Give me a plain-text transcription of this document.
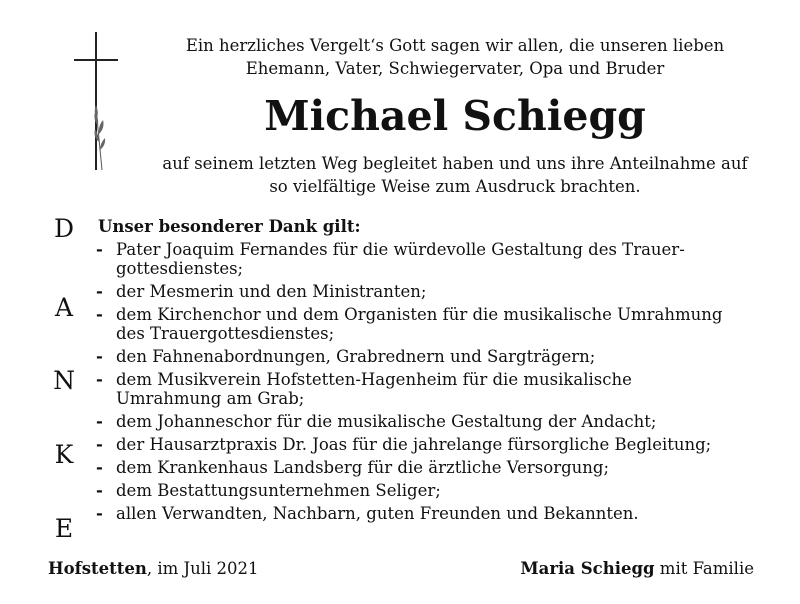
Ein herzliches Vergelt‘s Gott sagen wir allen, die unseren lieben
Ehemann, Vater, Schwiegervater, Opa und Bruder
Michael Schiegg
auf seinem letzten Weg begleitet haben und uns ihre Anteilnahme auf
so vielfältige Weise zum Ausdruck brachten.
D
A
N
K
E
Unser besonderer Dank gilt:
- Pater Joaquim Fernandes für die würdevolle Gestaltung des Trauer-
gottesdienstes;
- der Mesmerin und den Ministranten;
- dem Kirchenchor und dem Organisten für die musikalische Umrahmung
des Trauergottesdienstes;
- den Fahnenabordnungen, Grabrednern und Sargträgern;
- dem Musikverein Hofstetten-Hagenheim für die musikalische
Umrahmung am Grab;
- dem Johanneschor für die musikalische Gestaltung der Andacht;
- der Hausarztpraxis Dr. Joas für die jahrelange fürsorgliche Begleitung;
- dem Krankenhaus Landsberg für die ärztliche Versorgung;
- dem Bestattungsunternehmen Seliger;
- allen Verwandten, Nachbarn, guten Freunden und Bekannten.
Hofstetten, im Juli 2021	Maria Schiegg mit Familie
